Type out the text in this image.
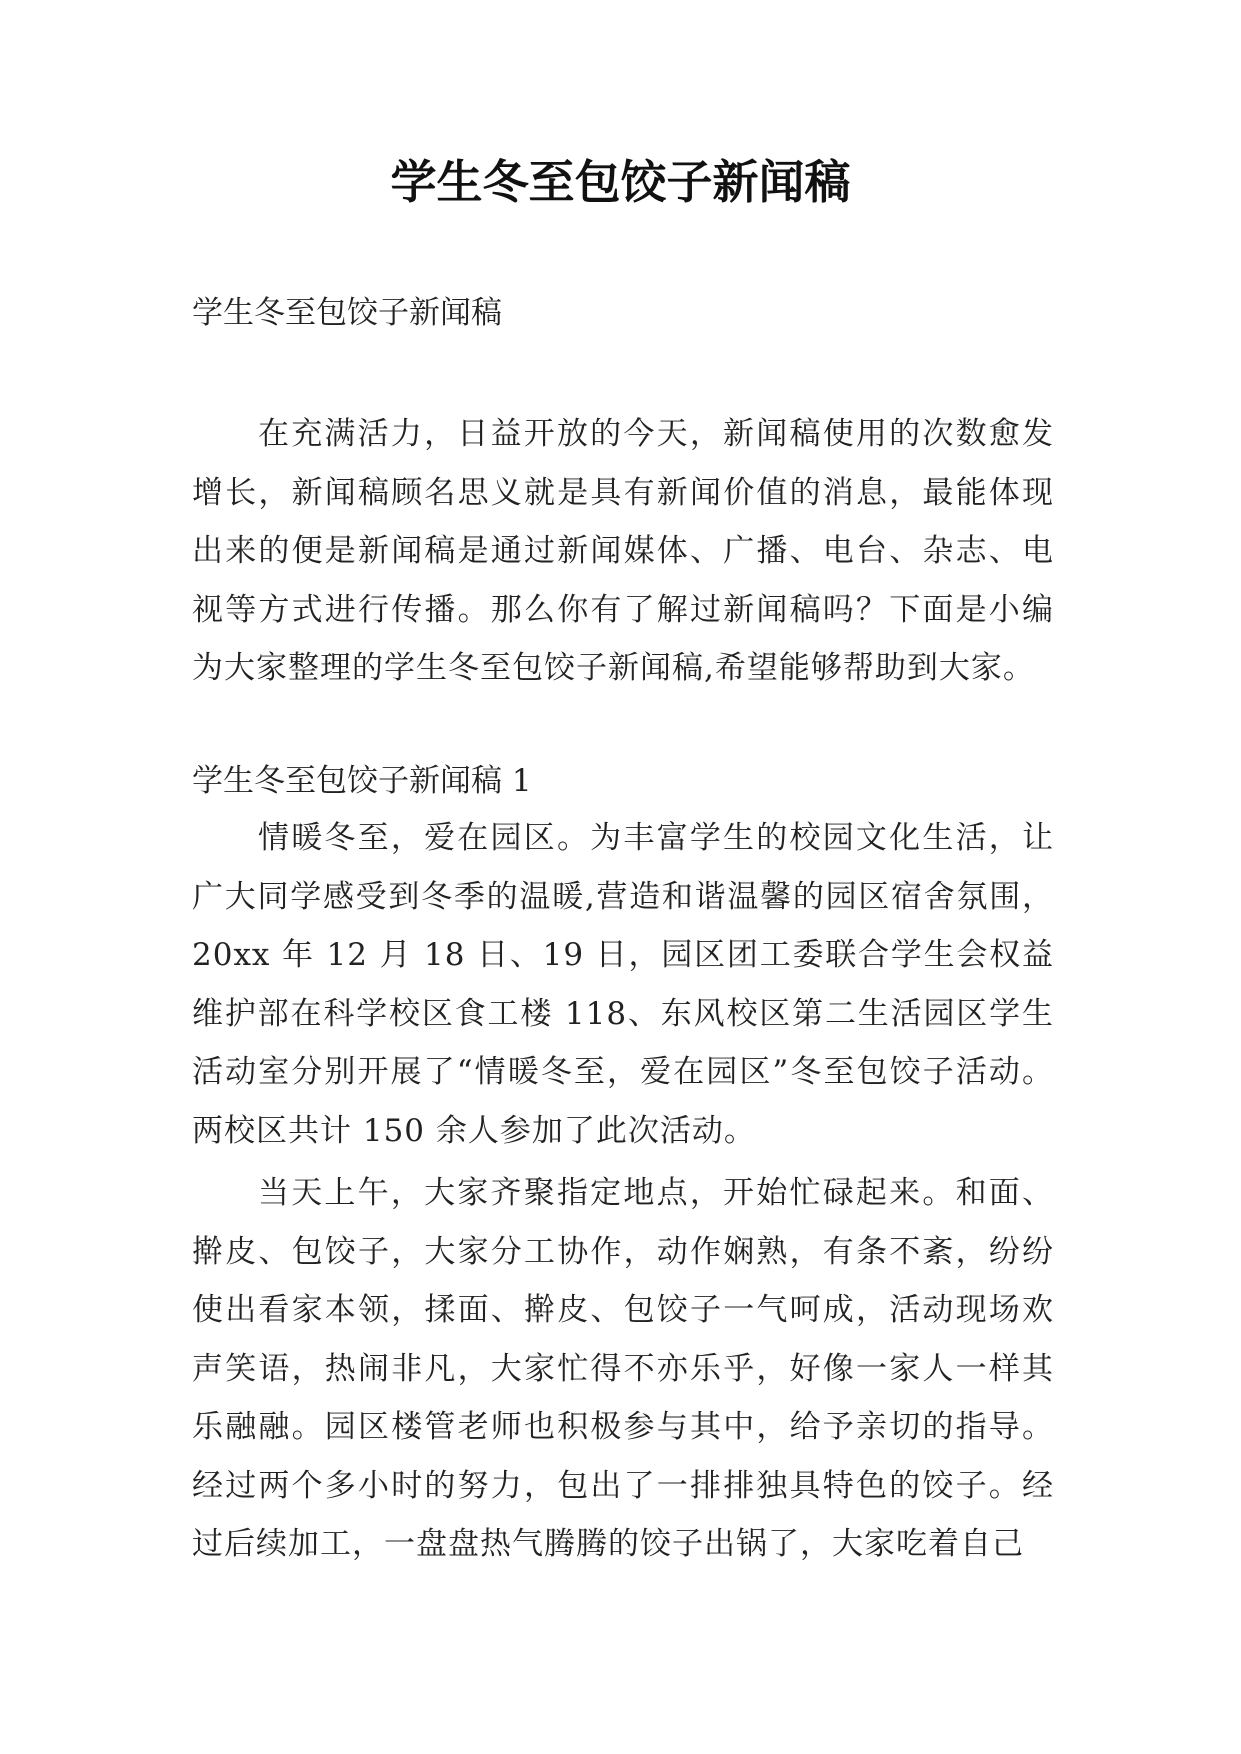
学生冬至包饺子新闻稿

学生冬至包饺子新闻稿

在充满活力，日益开放的今天，新闻稿使用的次数愈发增长，新闻稿顾名思义就是具有新闻价值的消息，最能体现出来的便是新闻稿是通过新闻媒体、广播、电台、杂志、电视等方式进行传播。那么你有了解过新闻稿吗？下面是小编为大家整理的学生冬至包饺子新闻稿,希望能够帮助到大家。

学生冬至包饺子新闻稿 1

情暖冬至，爱在园区。为丰富学生的校园文化生活，让广大同学感受到冬季的温暖,营造和谐温馨的园区宿舍氛围，20xx 年 12 月 18 日、19 日，园区团工委联合学生会权益维护部在科学校区食工楼 118、东风校区第二生活园区学生活动室分别开展了“情暖冬至，爱在园区”冬至包饺子活动。两校区共计 150 余人参加了此次活动。

当天上午，大家齐聚指定地点，开始忙碌起来。和面、擀皮、包饺子，大家分工协作，动作娴熟，有条不紊，纷纷使出看家本领，揉面、擀皮、包饺子一气呵成，活动现场欢声笑语，热闹非凡，大家忙得不亦乐乎，好像一家人一样其乐融融。园区楼管老师也积极参与其中，给予亲切的指导。经过两个多小时的努力，包出了一排排独具特色的饺子。经过后续加工，一盘盘热气腾腾的饺子出锅了，大家吃着自己
